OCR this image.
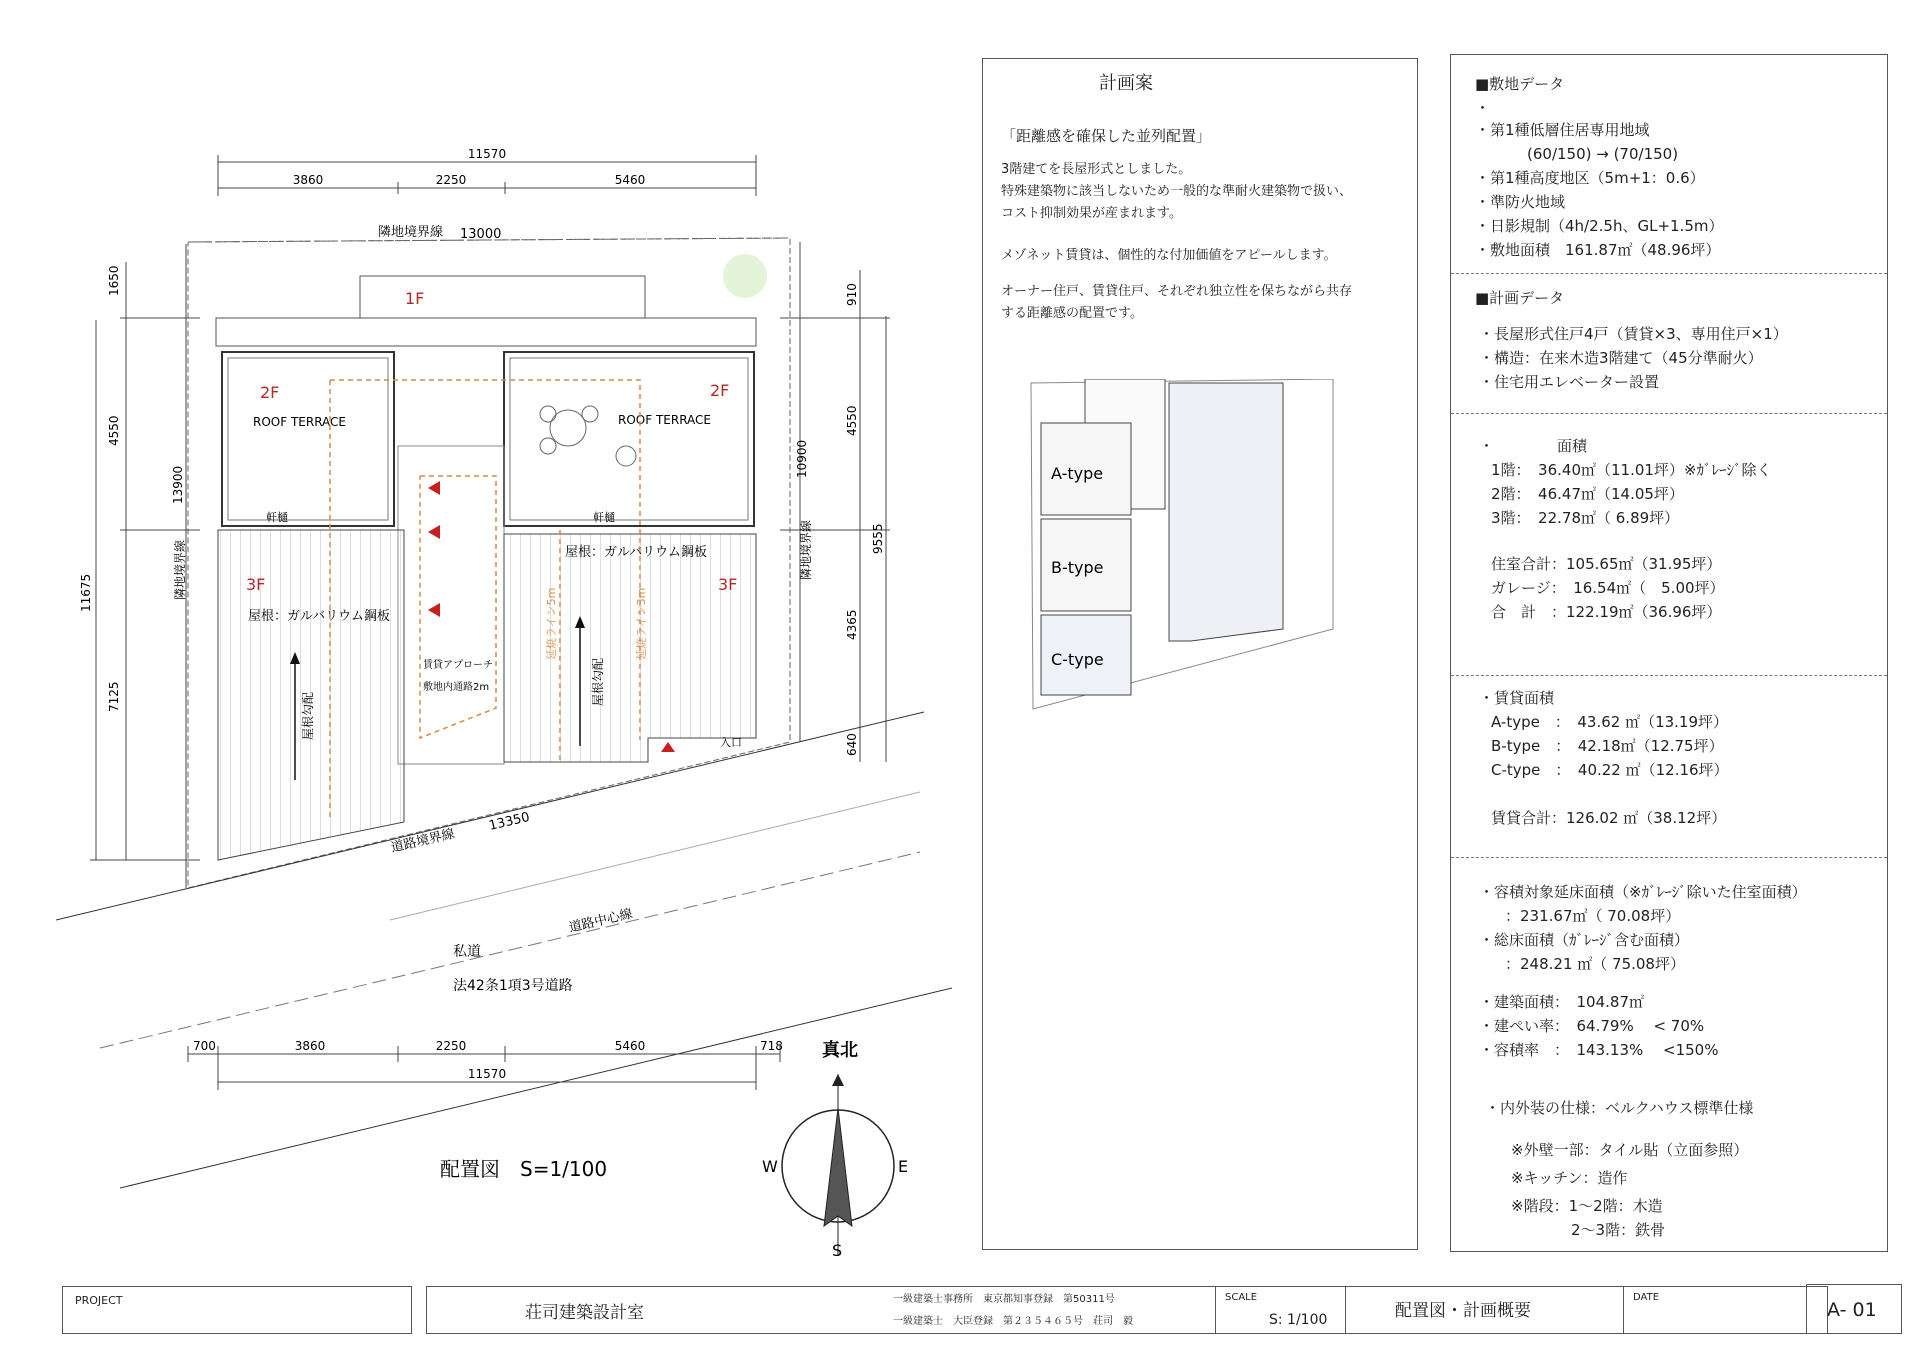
11570
3860	2250	5460
隣地境界線 13000
1F
2F
ROOF TERRACE
軒樋
2F
ROOF TERRACE
軒樋
3F
屋根：ガルバリウム鋼板
屋根勾配
3F
屋根：ガルバリウム鋼板
屋根勾配
延焼ライン5m	延焼ライン3m
賃貸アプローチ
敷地内通路2m
入口
1650
4550
13900
11675
7125
隣地境界線
910
4550
10900
9555
4365
640
隣地境界線
道路境界線
13350
道路中心線
私道
法42条1項3号道路
700	3860	2250	5460	718
11570
配置図　S=1/100
真北
W	E
S
計画案
「距離感を確保した並列配置」
3階建てを長屋形式としました。
特殊建築物に該当しないため一般的な準耐火建築物で扱い、
コスト抑制効果が産まれます。
メゾネット賃貸は、個性的な付加価値をアピールします。
オーナー住戸、賃貸住戸、それぞれ独立性を保ちながら共存
する距離感の配置です。
A-type
B-type
C-type
■敷地データ
・
・第1種低層住居専用地域
(60/150) → (70/150)
・第1種高度地区（5m+1：0.6）
・準防火地域
・日影規制（4h/2.5h、GL+1.5m）
・敷地面積　161.87㎡（48.96坪）
■計画データ
・長屋形式住戸4戸（賃貸×3、専用住戸×1）
・構造：在来木造3階建て（45分準耐火）
・住宅用エレベーター設置
・	面積
1階：　36.40㎡（11.01坪）※ｶﾞﾚｰｼﾞ除く
2階：　46.47㎡（14.05坪）
3階：　22.78㎡（ 6.89坪）
住室合計：105.65㎡（31.95坪）
ガレージ：　16.54㎡（　5.00坪）
合　計　：122.19㎡（36.96坪）
・賃貸面積
A-type　：　43.62 ㎡（13.19坪）
B-type　：　42.18㎡（12.75坪）
C-type　：　40.22 ㎡（12.16坪）
賃貸合計：126.02 ㎡（38.12坪）
・容積対象延床面積（※ｶﾞﾚｰｼﾞ除いた住室面積）
：231.67㎡（ 70.08坪）
・総床面積（ｶﾞﾚｰｼﾞ含む面積）
：248.21 ㎡（ 75.08坪）
・建築面積：　104.87㎡
・建ぺい率：　64.79%　 < 70%
・容積率　：　143.13%　 <150%
・内外装の仕様：ベルクハウス標準仕様
※外壁一部：タイル貼（立面参照）
※キッチン：造作
※階段：1～2階：木造
2～3階：鉄骨
PROJECT
荘司建築設計室
一級建築士事務所　東京都知事登録　第50311号
一級建築士　大臣登録　第２３５４６５号　荘司　毅
SCALE
S: 1/100	配置図・計画概要
DATE
A- 01
